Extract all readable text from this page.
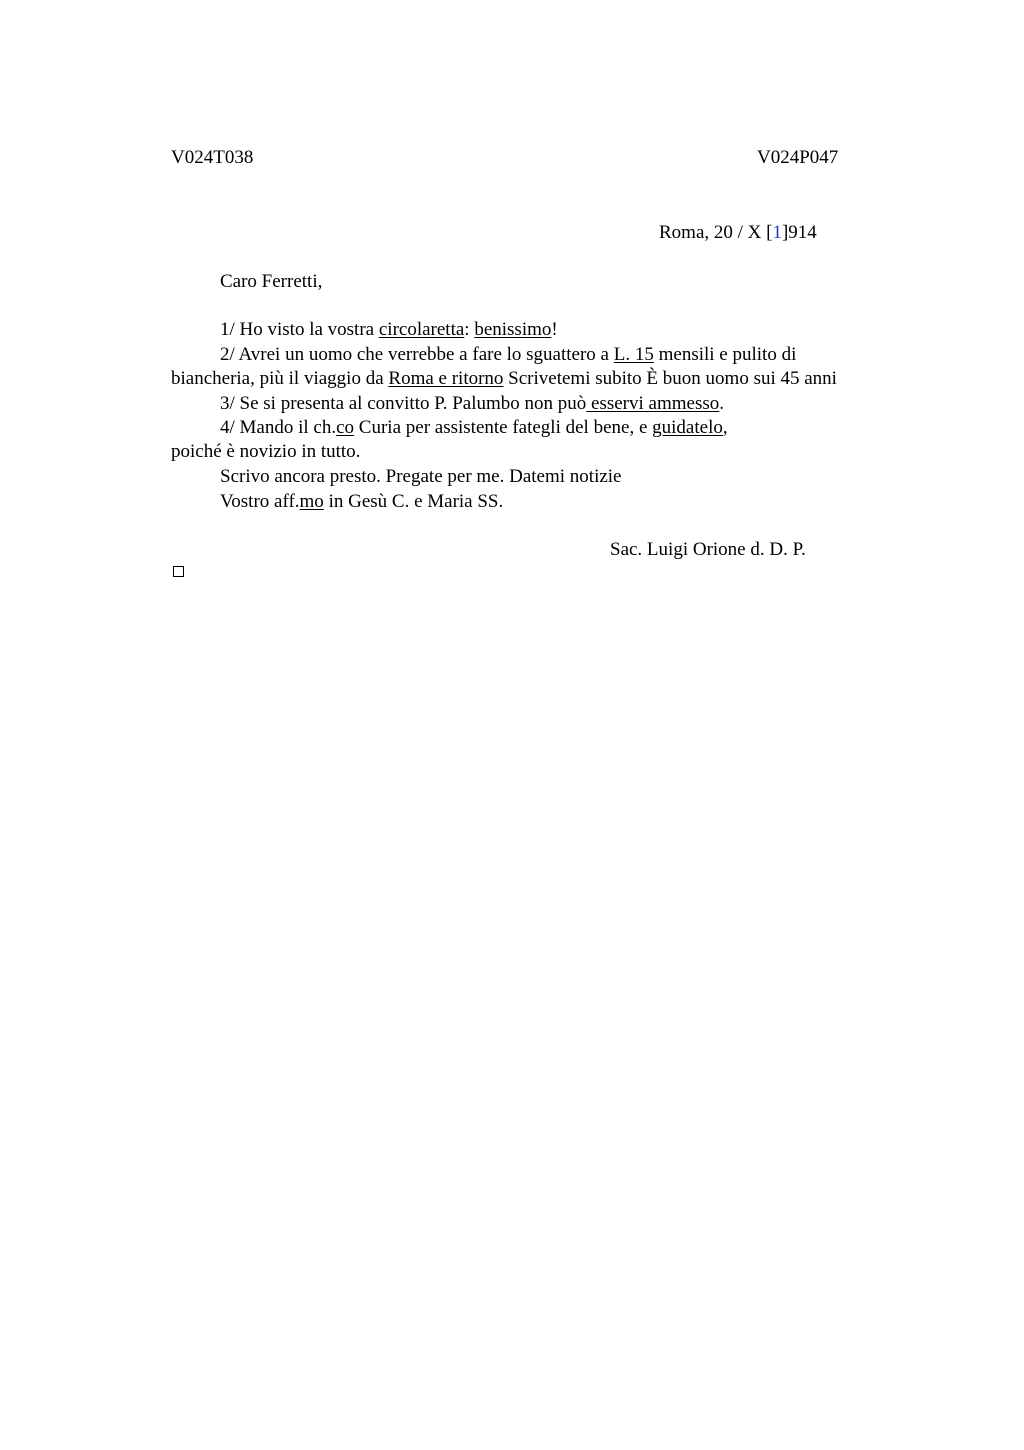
V024T038	V024P047
Roma, 20 / X [1]914
Caro Ferretti,
1/ Ho visto la vostra circolaretta: benissimo!
2/ Avrei un uomo che verrebbe a fare lo sguattero a L. 15 mensili e pulito di
biancheria, più il viaggio da Roma e ritorno Scrivetemi subito È buon uomo sui 45 anni
3/ Se si presenta al convitto P. Palumbo non può esservi ammesso.
4/ Mando il ch.co Curia per assistente fategli del bene, e guidatelo,
poiché è novizio in tutto.
Scrivo ancora presto. Pregate per me. Datemi notizie
Vostro aff.mo in Gesù C. e Maria SS.
Sac. Luigi Orione d. D. P.
